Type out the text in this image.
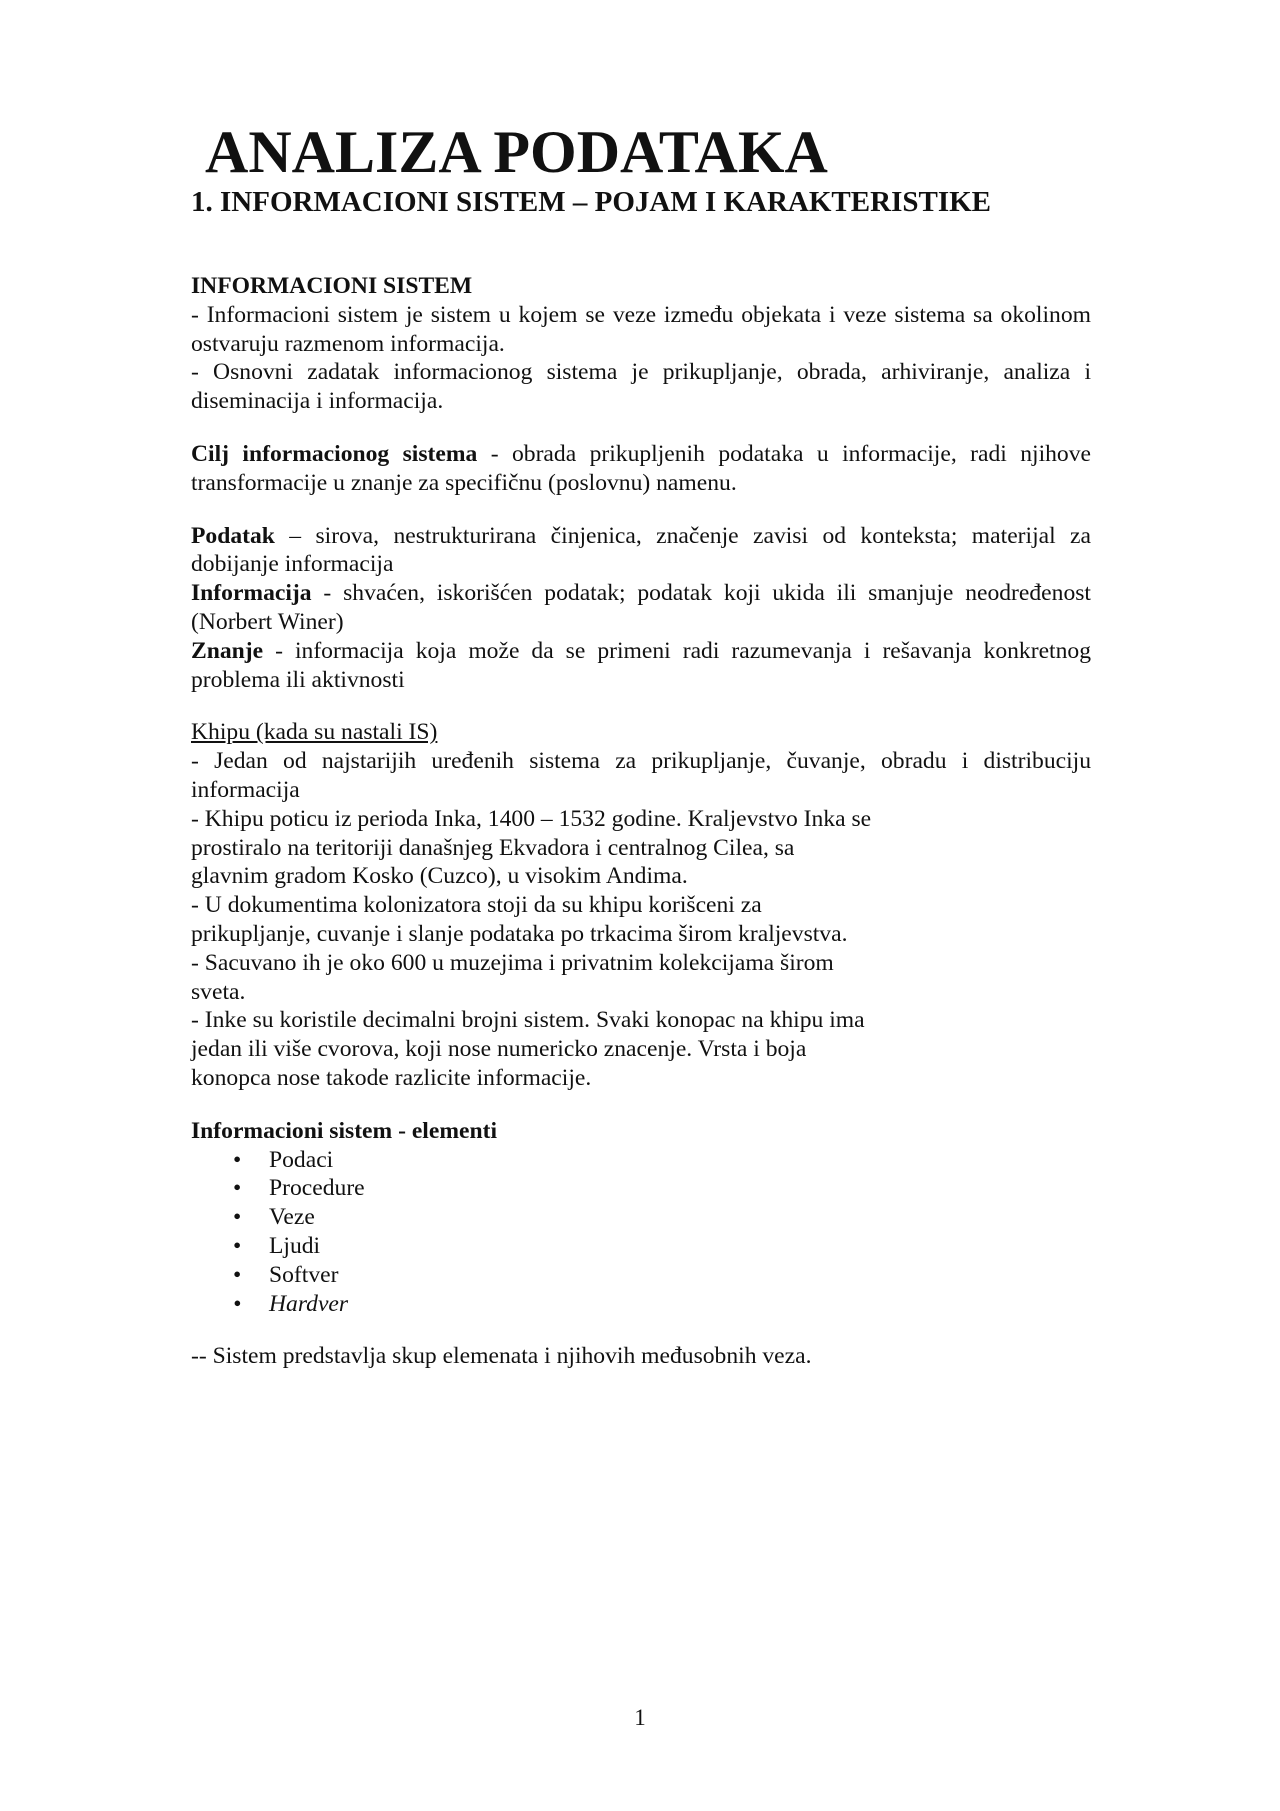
ANALIZA PODATAKA
1. INFORMACIONI SISTEM – POJAM I KARAKTERISTIKE

INFORMACIONI SISTEM

- Informacioni sistem je sistem u kojem se veze između objekata i veze sistema sa okolinom ostvaruju razmenom informacija.

- Osnovni zadatak informacionog sistema je prikupljanje, obrada, arhiviranje, analiza i diseminacija i informacija.

Cilj informacionog sistema - obrada prikupljenih podataka u informacije, radi njihove transformacije u znanje za specifičnu (poslovnu) namenu.

Podatak – sirova, nestrukturirana činjenica, značenje zavisi od konteksta; materijal za dobijanje informacija

Informacija - shvaćen, iskorišćen podatak; podatak koji ukida ili smanjuje neodređenost (Norbert Winer)

Znanje - informacija koja može da se primeni radi razumevanja i rešavanja konkretnog problema ili aktivnosti

Khipu (kada su nastali IS)

- Jedan od najstarijih uređenih sistema za prikupljanje, čuvanje, obradu i distribuciju informacija

- Khipu poticu iz perioda Inka, 1400 – 1532 godine. Kraljevstvo Inka se

prostiralo na teritoriji današnjeg Ekvadora i centralnog Cilea, sa

glavnim gradom Kosko (Cuzco), u visokim Andima.

- U dokumentima kolonizatora stoji da su khipu korišceni za

prikupljanje, cuvanje i slanje podataka po trkacima širom kraljevstva.

- Sacuvano ih je oko 600 u muzejima i privatnim kolekcijama širom

sveta.

- Inke su koristile decimalni brojni sistem. Svaki konopac na khipu ima

jedan ili više cvorova, koji nose numericko znacenje. Vrsta i boja

konopca nose takode razlicite informacije.

Informacioni sistem - elementi

• Podaci
• Procedure
• Veze
• Ljudi
• Softver
• Hardver

-- Sistem predstavlja skup elemenata i njihovih međusobnih veza.

1
